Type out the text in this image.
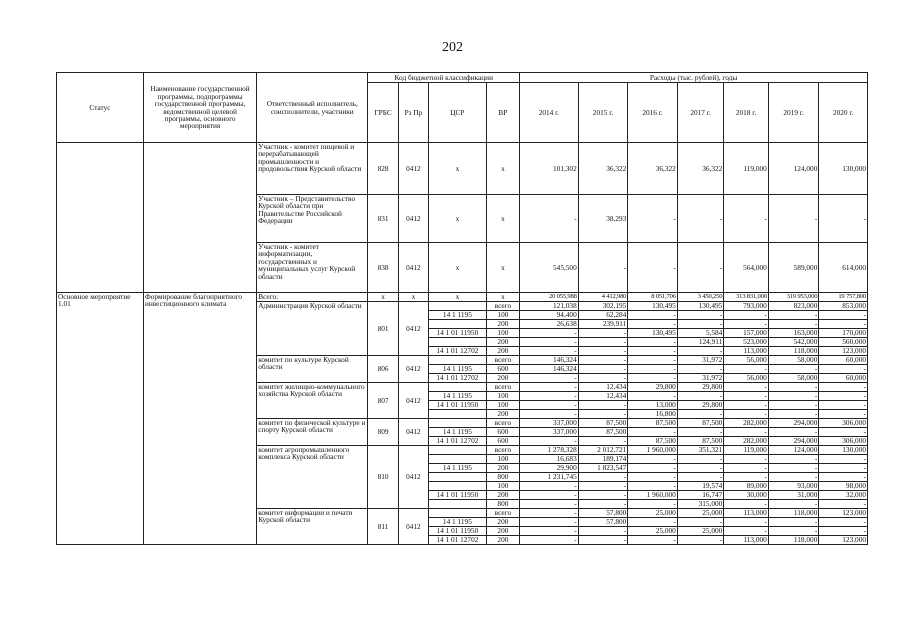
202
Статус	Наименование государственной программы, подпрограммы государственной программы, ведомственной целевой программы, основного мероприятия	Ответственный исполнитель, соисполнители, участники	Код бюджетной классификации				Расходы (тыс. рублей), годы						
			ГРБС	Рз Пр	ЦСР	ВР	2014 г.	2015 г.	2016 г.	2017 г.	2018 г.	2019 г.	2020 г.
		Участник - комитет пищевой и перерабатывающей промышленности и продовольствия Курской области	828	0412	х	х	101,302	36,322	36,322	36,322	119,000	124,000	130,000
		Участник – Представительство Курской области при Правительстве Российской Федерации	831	0412	х	х	-	38,293	-	-	-	-	-
		Участник - комитет информатизации, государственных и муниципальных услуг Курской области	838	0412	х	х	545,500	-	-	-	564,000	589,000	614,000
Основное мероприятие 1.01	Формирование благоприятного инвестиционного климата	Всего:	х	х	х	х	20 055,988	4 412,980	8 051,706	3 450,250	313 831,000	319 953,000	19 757,800
		Администрация Курской области	801	0412		всего	121,038	302,195	130,495	130,495	793,000	823,000	853,000
					14 1 1195	100	94,400	62,284	-	-	-	-	-
						200	26,638	239,911	-	-	-	-	-
					14 1 01 11950	100	-	-	130,495	5,584	157,000	163,000	170,000
						200	-	-	-	124,911	523,000	542,000	560,000
					14 1 01 12702	200	-	-	-	-	113,000	118,000	123,000
		комитет по культуре Курской области	806	0412		всего	146,324	-	-	31,972	56,000	58,000	60,000
					14 1 1195	600	146,324	-	-	-	-	-	-
					14 1 01 12702	200	-	-	-	31,972	56,000	58,000	60,000
		комитет жилищно-коммунального хозяйства Курской области	807	0412		всего	-	12,434	29,800	29,800	-	-	-
					14 1 1195	100	-	12,434	-	-	-	-	-
					14 1 01 11950	100	-	-	13,000	29,800	-	-	-
						200	-	-	16,800	-	-	-	-
		комитет по физической культуре и спорту Курской области	809	0412		всего	337,000	87,500	87,500	87,500	282,000	294,000	306,000
					14 1 1195	600	337,000	87,500	-	-	-	-	-
					14 1 01 12702	600	-	-	87,500	87,500	282,000	294,000	306,000
		комитет агропромышленного комплекса Курской области	810	0412		всего	1 278,328	2 012,721	1 960,000	351,321	119,000	124,000	130,000
						100	16,683	189,174	-	-	-	-	-
					14 1 1195	200	29,900	1 823,547	-	-	-	-	-
						800	1 231,745	-	-	-	-	-	-
						100	-	-	-	19,574	89,000	93,000	98,000
					14 1 01 11950	200	-	-	1 960,000	16,747	30,000	31,000	32,000
						800	-	-	-	315,000	-	-	-
		комитет информации и печати Курской области	811	0412		всего	-	57,800	25,000	25,000	113,000	118,000	123,000
					14 1 1195	200	-	57,800	-	-	-	-	-
					14 1 01 11950	200	-	-	25,000	25,000	-	-	-
					14 1 01 12702	200	-	-	-	-	113,000	118,000	123,000
